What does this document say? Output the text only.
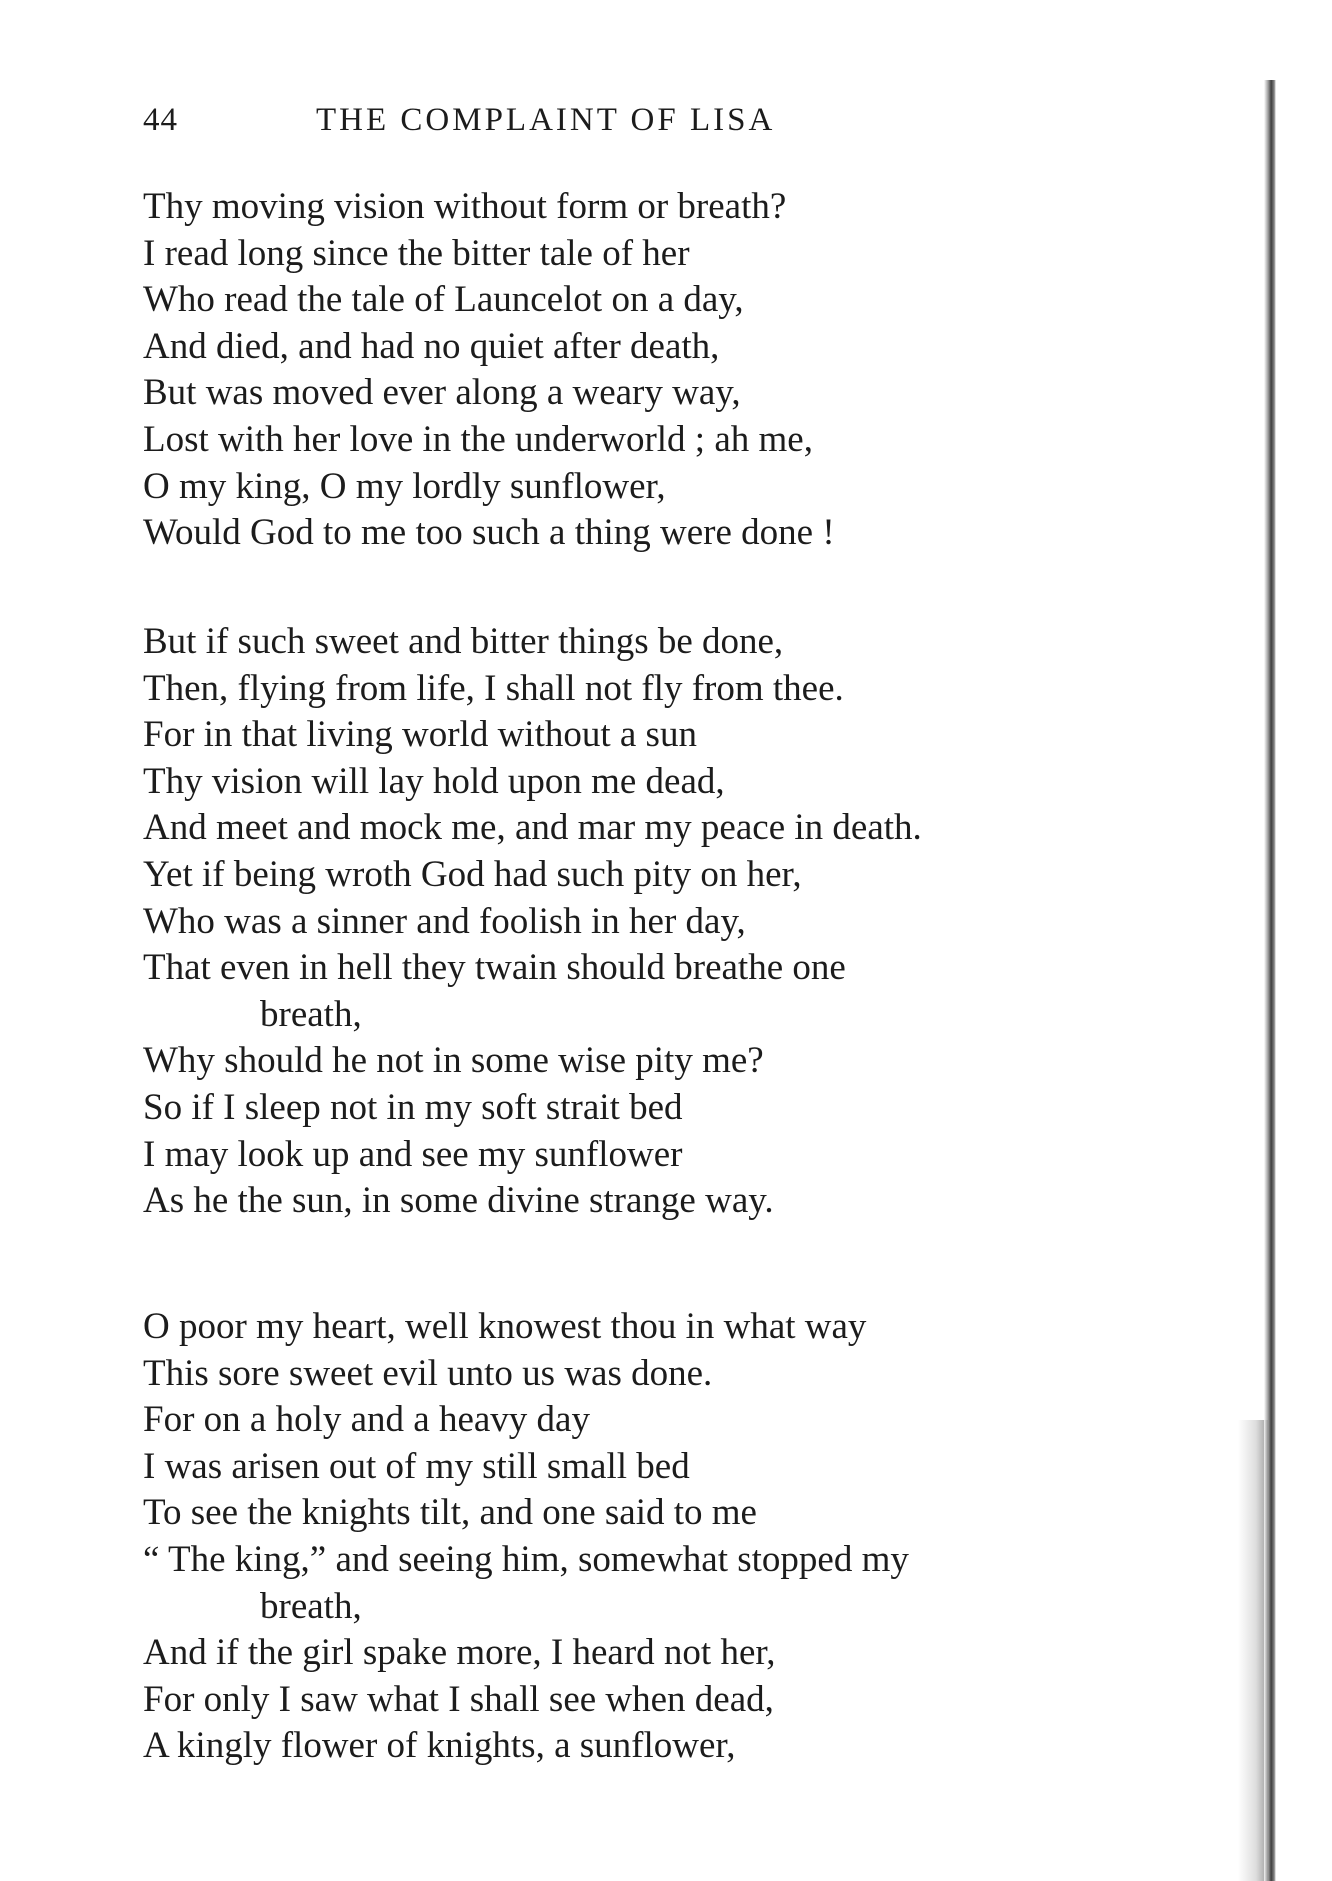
44	THE COMPLAINT OF LISA
Thy moving vision without form or breath?
I read long since the bitter tale of her
Who read the tale of Launcelot on a day,
And died, and had no quiet after death,
But was moved ever along a weary way,
Lost with her love in the underworld ; ah me,
O my king, O my lordly sunflower,
Would God to me too such a thing were done !
But if such sweet and bitter things be done,
Then, flying from life, I shall not fly from thee.
For in that living world without a sun
Thy vision will lay hold upon me dead,
And meet and mock me, and mar my peace in death.
Yet if being wroth God had such pity on her,
Who was a sinner and foolish in her day,
That even in hell they twain should breathe one
breath,
Why should he not in some wise pity me?
So if I sleep not in my soft strait bed
I may look up and see my sunflower
As he the sun, in some divine strange way.
O poor my heart, well knowest thou in what way
This sore sweet evil unto us was done.
For on a holy and a heavy day
I was arisen out of my still small bed
To see the knights tilt, and one said to me
“ The king,” and seeing him, somewhat stopped my
breath,
And if the girl spake more, I heard not her,
For only I saw what I shall see when dead,
A kingly flower of knights, a sunflower,
